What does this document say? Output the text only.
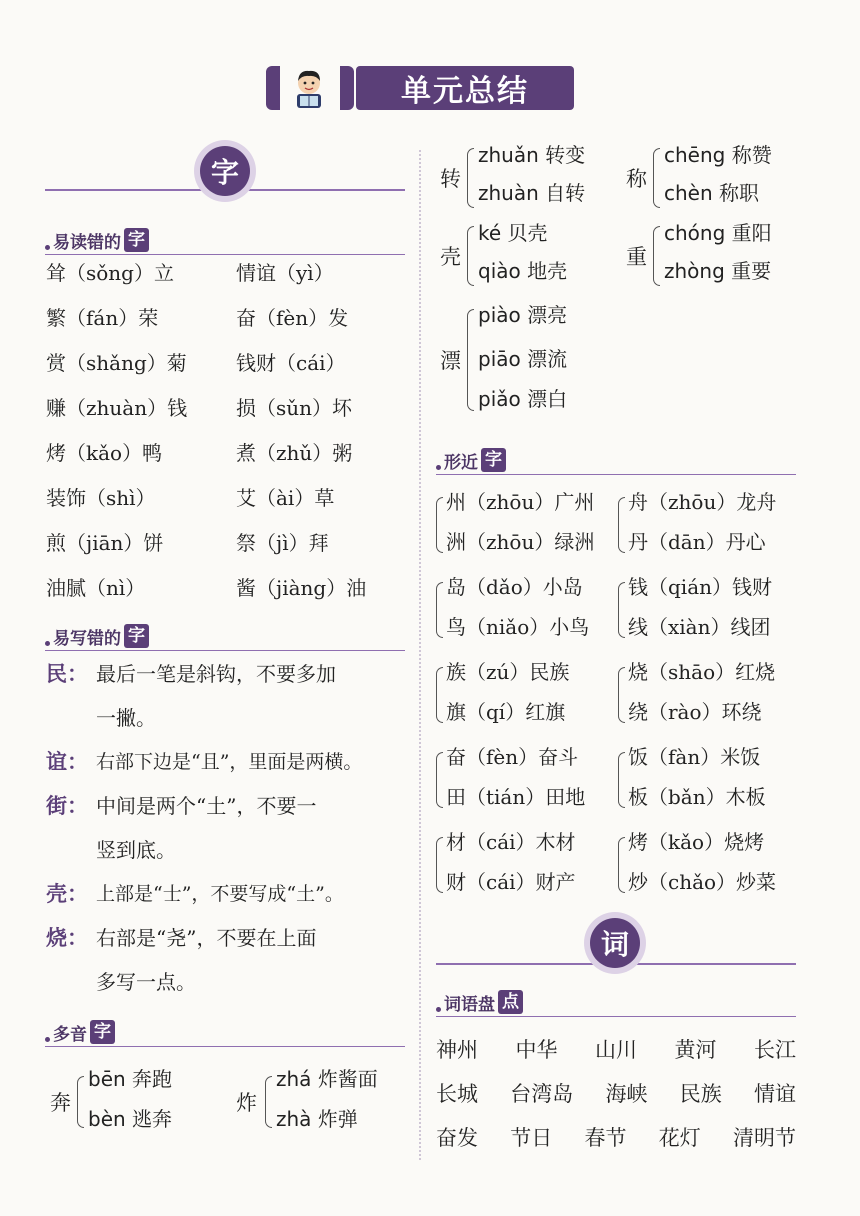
单元总结
字
易读错的 字
耸（sǒng）立
繁（fán）荣
赏（shǎng）菊
赚（zhuàn）钱
烤（kǎo）鸭
装饰（shì）
煎（jiān）饼
油腻（nì）
情谊（yì）
奋（fèn）发
钱财（cái）
损（sǔn）坏
煮（zhǔ）粥
艾（ài）草
祭（jì）拜
酱（jiàng）油
易写错的 字
民： 最后一笔是斜钩，不要多加
一撇。
谊： 右部下边是“且”，里面是两横。
街： 中间是两个“土”，不要一
竖到底。
壳： 上部是“士”，不要写成“土”。
烧： 右部是“尧”，不要在上面
多写一点。
多音 字
奔
bēn 奔跑
bèn 逃奔
炸
zhá 炸酱面
zhà 炸弹
转
zhuǎn 转变
zhuàn 自转
称
chēng 称赞
chèn 称职
壳
ké 贝壳
qiào 地壳
重
chóng 重阳
zhòng 重要
漂
piào 漂亮
piāo 漂流
piǎo 漂白
形近 字
州（zhōu）广州
洲（zhōu）绿洲
岛（dǎo）小岛
鸟（niǎo）小鸟
族（zú）民族
旗（qí）红旗
奋（fèn）奋斗
田（tián）田地
材（cái）木材
财（cái）财产
舟（zhōu）龙舟
丹（dān）丹心
钱（qián）钱财
线（xiàn）线团
烧（shāo）红烧
绕（rào）环绕
饭（fàn）米饭
板（bǎn）木板
烤（kǎo）烧烤
炒（chǎo）炒菜
词
词语盘 点
神州 中华 山川 黄河 长江
长城 台湾岛 海峡 民族 情谊
奋发 节日 春节 花灯 清明节
